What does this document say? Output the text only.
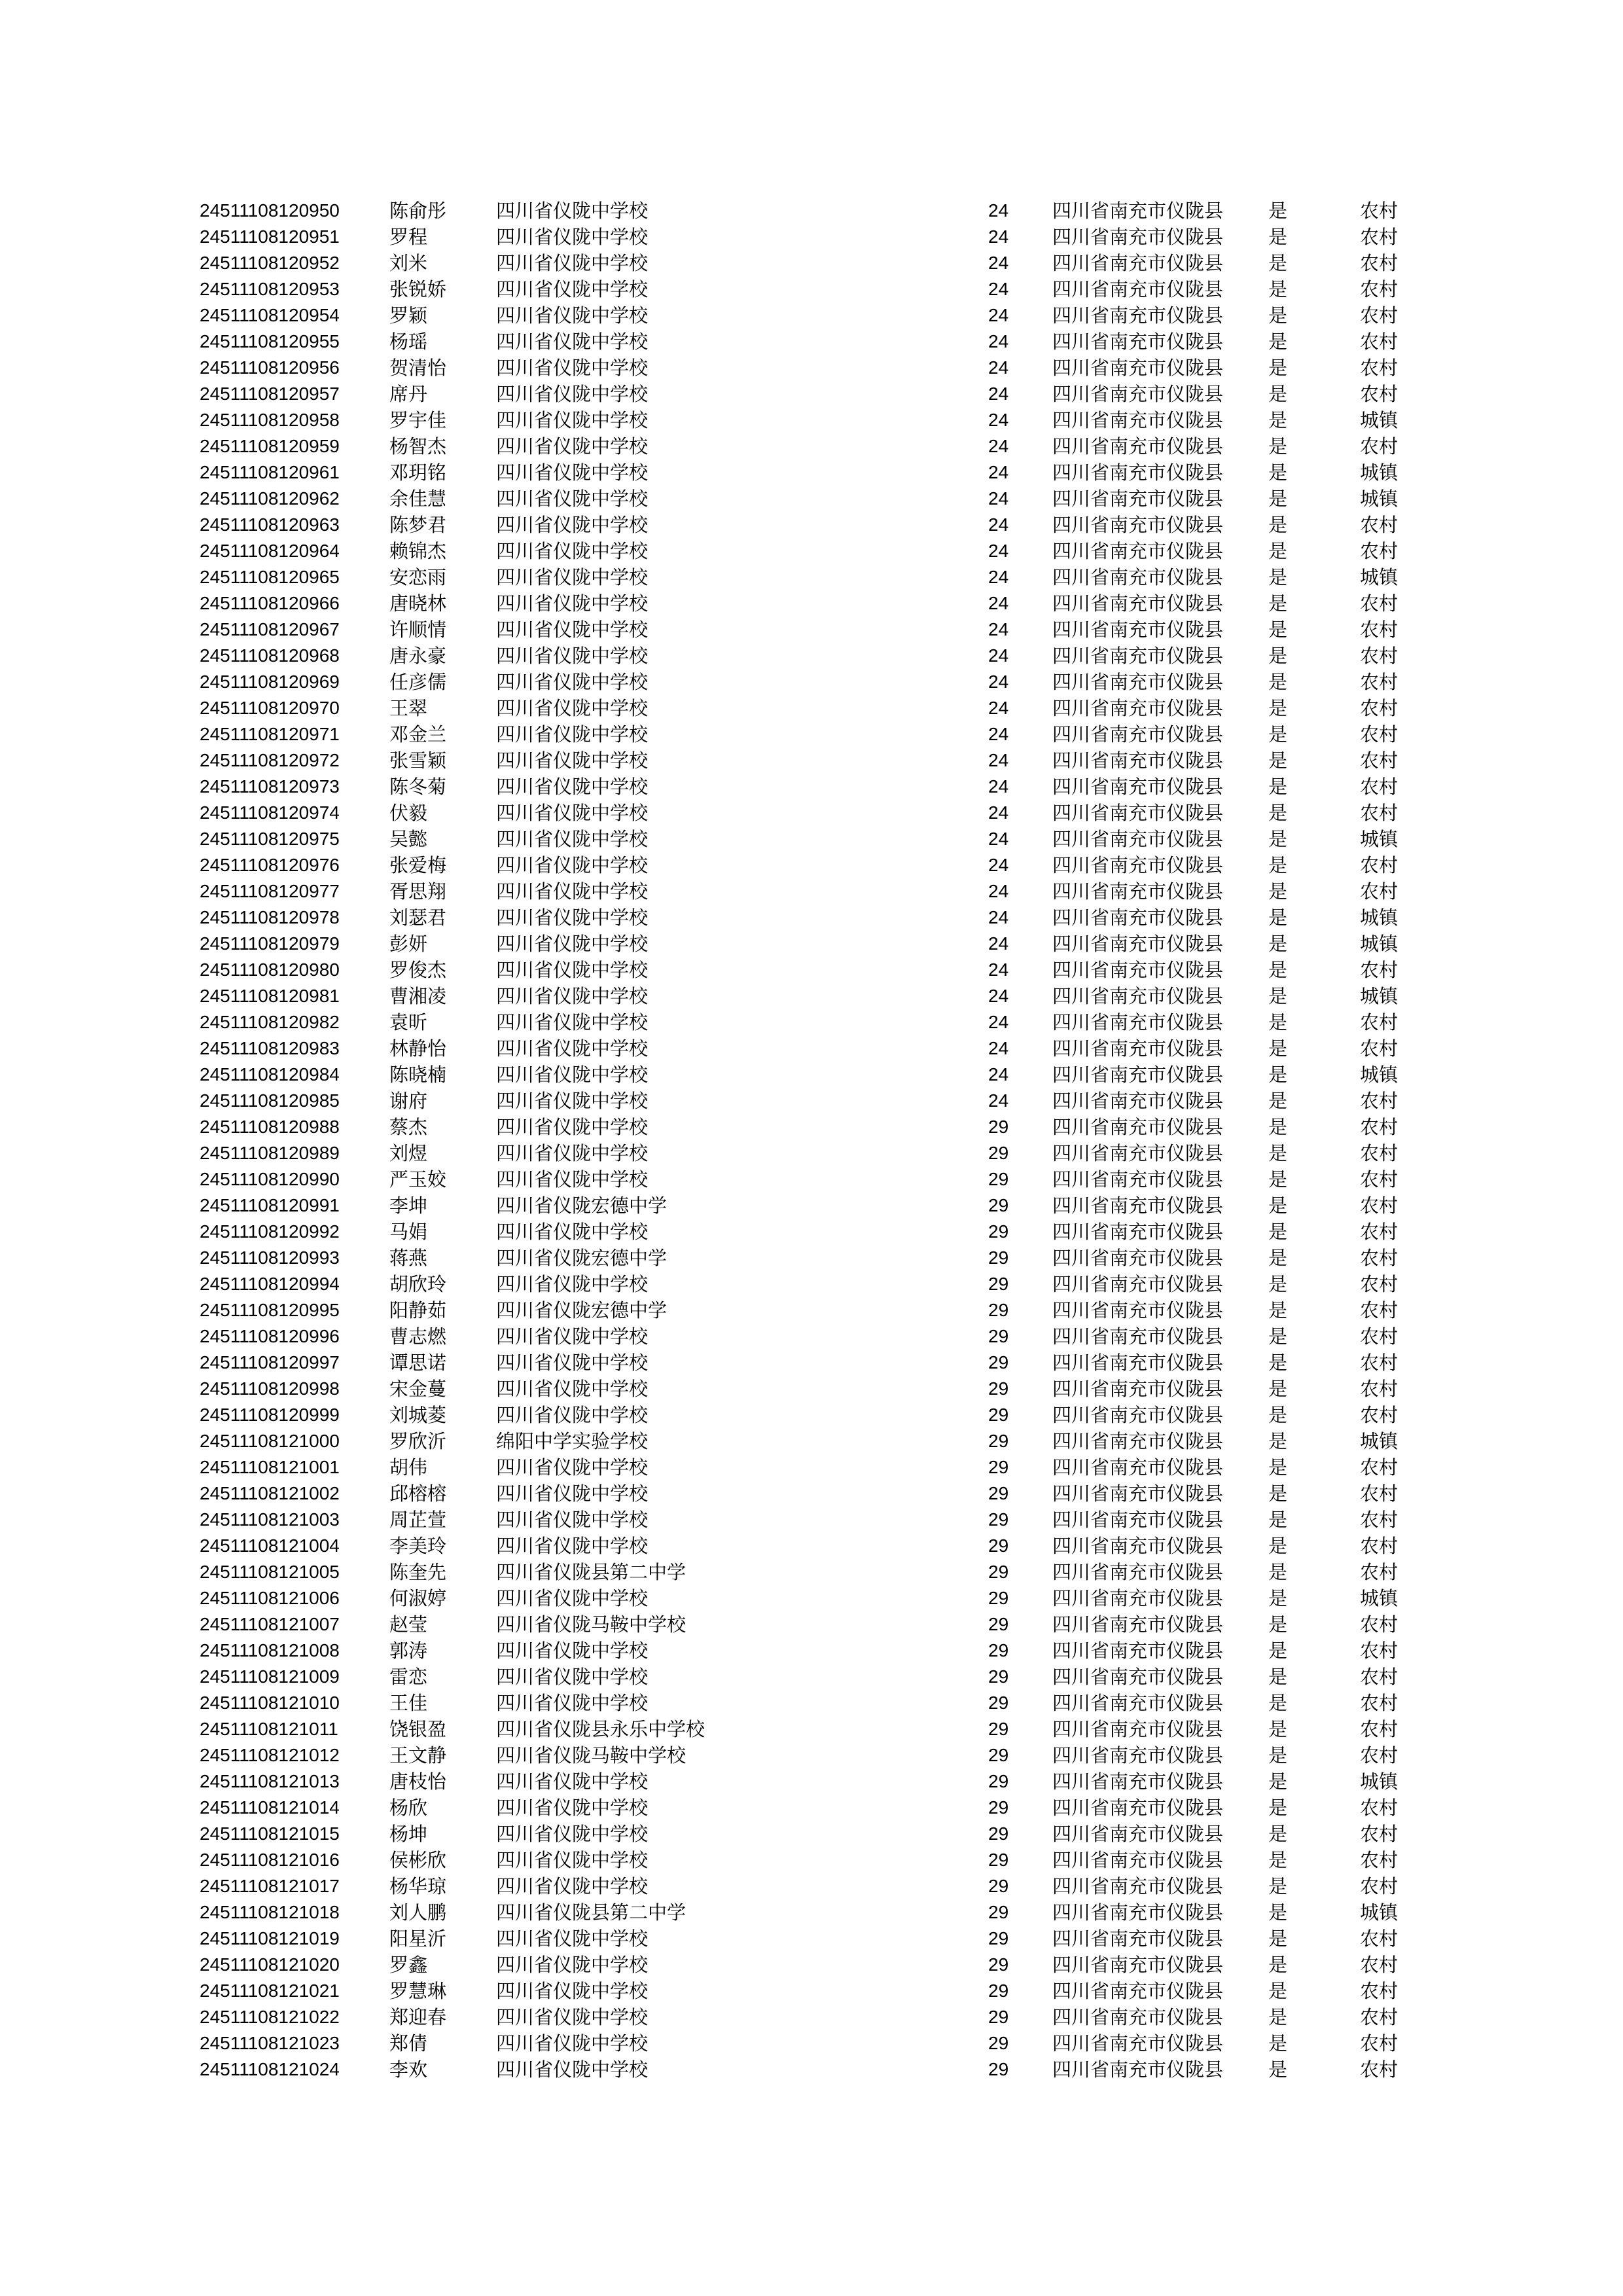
24511108120950	陈俞彤	四川省仪陇中学校	24	四川省南充市仪陇县	是	农村
24511108120951	罗程	四川省仪陇中学校	24	四川省南充市仪陇县	是	农村
24511108120952	刘米	四川省仪陇中学校	24	四川省南充市仪陇县	是	农村
24511108120953	张锐娇	四川省仪陇中学校	24	四川省南充市仪陇县	是	农村
24511108120954	罗颖	四川省仪陇中学校	24	四川省南充市仪陇县	是	农村
24511108120955	杨瑶	四川省仪陇中学校	24	四川省南充市仪陇县	是	农村
24511108120956	贺清怡	四川省仪陇中学校	24	四川省南充市仪陇县	是	农村
24511108120957	席丹	四川省仪陇中学校	24	四川省南充市仪陇县	是	农村
24511108120958	罗宇佳	四川省仪陇中学校	24	四川省南充市仪陇县	是	城镇
24511108120959	杨智杰	四川省仪陇中学校	24	四川省南充市仪陇县	是	农村
24511108120961	邓玥铭	四川省仪陇中学校	24	四川省南充市仪陇县	是	城镇
24511108120962	余佳慧	四川省仪陇中学校	24	四川省南充市仪陇县	是	城镇
24511108120963	陈梦君	四川省仪陇中学校	24	四川省南充市仪陇县	是	农村
24511108120964	赖锦杰	四川省仪陇中学校	24	四川省南充市仪陇县	是	农村
24511108120965	安恋雨	四川省仪陇中学校	24	四川省南充市仪陇县	是	城镇
24511108120966	唐晓林	四川省仪陇中学校	24	四川省南充市仪陇县	是	农村
24511108120967	许顺情	四川省仪陇中学校	24	四川省南充市仪陇县	是	农村
24511108120968	唐永豪	四川省仪陇中学校	24	四川省南充市仪陇县	是	农村
24511108120969	任彦儒	四川省仪陇中学校	24	四川省南充市仪陇县	是	农村
24511108120970	王翠	四川省仪陇中学校	24	四川省南充市仪陇县	是	农村
24511108120971	邓金兰	四川省仪陇中学校	24	四川省南充市仪陇县	是	农村
24511108120972	张雪颖	四川省仪陇中学校	24	四川省南充市仪陇县	是	农村
24511108120973	陈冬菊	四川省仪陇中学校	24	四川省南充市仪陇县	是	农村
24511108120974	伏毅	四川省仪陇中学校	24	四川省南充市仪陇县	是	农村
24511108120975	吴懿	四川省仪陇中学校	24	四川省南充市仪陇县	是	城镇
24511108120976	张爱梅	四川省仪陇中学校	24	四川省南充市仪陇县	是	农村
24511108120977	胥思翔	四川省仪陇中学校	24	四川省南充市仪陇县	是	农村
24511108120978	刘瑟君	四川省仪陇中学校	24	四川省南充市仪陇县	是	城镇
24511108120979	彭妍	四川省仪陇中学校	24	四川省南充市仪陇县	是	城镇
24511108120980	罗俊杰	四川省仪陇中学校	24	四川省南充市仪陇县	是	农村
24511108120981	曹湘凌	四川省仪陇中学校	24	四川省南充市仪陇县	是	城镇
24511108120982	袁昕	四川省仪陇中学校	24	四川省南充市仪陇县	是	农村
24511108120983	林静怡	四川省仪陇中学校	24	四川省南充市仪陇县	是	农村
24511108120984	陈晓楠	四川省仪陇中学校	24	四川省南充市仪陇县	是	城镇
24511108120985	谢府	四川省仪陇中学校	24	四川省南充市仪陇县	是	农村
24511108120988	蔡杰	四川省仪陇中学校	29	四川省南充市仪陇县	是	农村
24511108120989	刘煜	四川省仪陇中学校	29	四川省南充市仪陇县	是	农村
24511108120990	严玉姣	四川省仪陇中学校	29	四川省南充市仪陇县	是	农村
24511108120991	李坤	四川省仪陇宏德中学	29	四川省南充市仪陇县	是	农村
24511108120992	马娟	四川省仪陇中学校	29	四川省南充市仪陇县	是	农村
24511108120993	蒋燕	四川省仪陇宏德中学	29	四川省南充市仪陇县	是	农村
24511108120994	胡欣玲	四川省仪陇中学校	29	四川省南充市仪陇县	是	农村
24511108120995	阳静茹	四川省仪陇宏德中学	29	四川省南充市仪陇县	是	农村
24511108120996	曹志燃	四川省仪陇中学校	29	四川省南充市仪陇县	是	农村
24511108120997	谭思诺	四川省仪陇中学校	29	四川省南充市仪陇县	是	农村
24511108120998	宋金蔓	四川省仪陇中学校	29	四川省南充市仪陇县	是	农村
24511108120999	刘城菱	四川省仪陇中学校	29	四川省南充市仪陇县	是	农村
24511108121000	罗欣沂	绵阳中学实验学校	29	四川省南充市仪陇县	是	城镇
24511108121001	胡伟	四川省仪陇中学校	29	四川省南充市仪陇县	是	农村
24511108121002	邱榕榕	四川省仪陇中学校	29	四川省南充市仪陇县	是	农村
24511108121003	周芷萱	四川省仪陇中学校	29	四川省南充市仪陇县	是	农村
24511108121004	李美玲	四川省仪陇中学校	29	四川省南充市仪陇县	是	农村
24511108121005	陈奎先	四川省仪陇县第二中学	29	四川省南充市仪陇县	是	农村
24511108121006	何淑婷	四川省仪陇中学校	29	四川省南充市仪陇县	是	城镇
24511108121007	赵莹	四川省仪陇马鞍中学校	29	四川省南充市仪陇县	是	农村
24511108121008	郭涛	四川省仪陇中学校	29	四川省南充市仪陇县	是	农村
24511108121009	雷恋	四川省仪陇中学校	29	四川省南充市仪陇县	是	农村
24511108121010	王佳	四川省仪陇中学校	29	四川省南充市仪陇县	是	农村
24511108121011	饶银盈	四川省仪陇县永乐中学校	29	四川省南充市仪陇县	是	农村
24511108121012	王文静	四川省仪陇马鞍中学校	29	四川省南充市仪陇县	是	农村
24511108121013	唐枝怡	四川省仪陇中学校	29	四川省南充市仪陇县	是	城镇
24511108121014	杨欣	四川省仪陇中学校	29	四川省南充市仪陇县	是	农村
24511108121015	杨坤	四川省仪陇中学校	29	四川省南充市仪陇县	是	农村
24511108121016	侯彬欣	四川省仪陇中学校	29	四川省南充市仪陇县	是	农村
24511108121017	杨华琼	四川省仪陇中学校	29	四川省南充市仪陇县	是	农村
24511108121018	刘人鹏	四川省仪陇县第二中学	29	四川省南充市仪陇县	是	城镇
24511108121019	阳星沂	四川省仪陇中学校	29	四川省南充市仪陇县	是	农村
24511108121020	罗鑫	四川省仪陇中学校	29	四川省南充市仪陇县	是	农村
24511108121021	罗慧琳	四川省仪陇中学校	29	四川省南充市仪陇县	是	农村
24511108121022	郑迎春	四川省仪陇中学校	29	四川省南充市仪陇县	是	农村
24511108121023	郑倩	四川省仪陇中学校	29	四川省南充市仪陇县	是	农村
24511108121024	李欢	四川省仪陇中学校	29	四川省南充市仪陇县	是	农村
